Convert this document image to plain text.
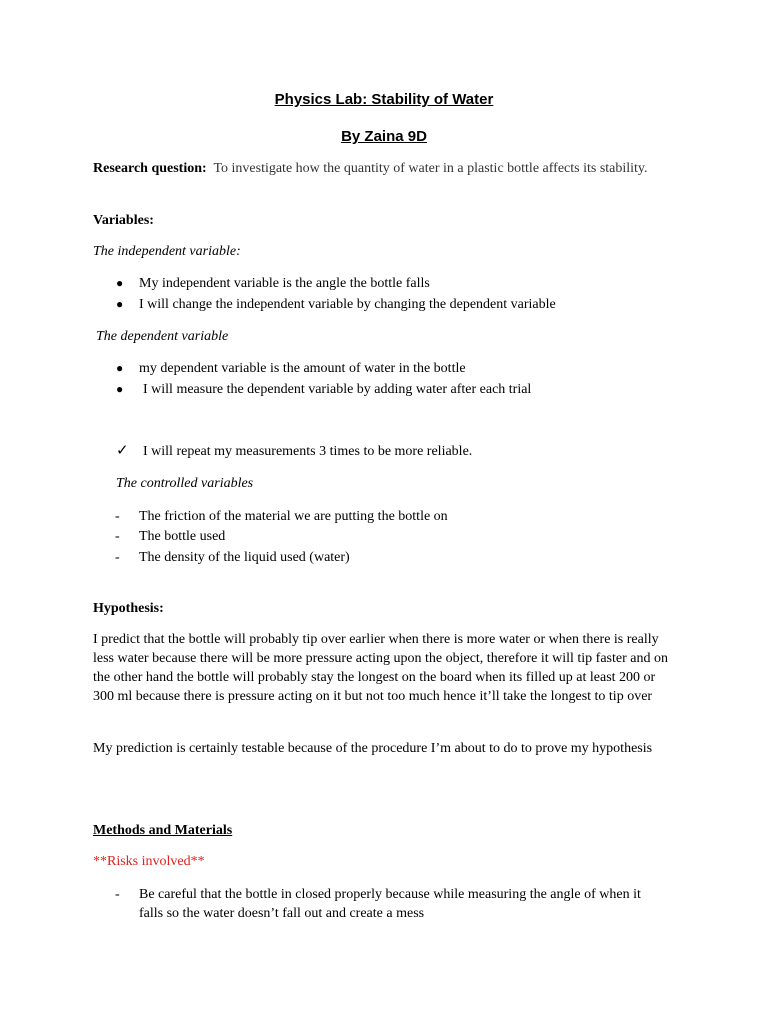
Physics Lab: Stability of Water
By Zaina 9D
Research question: To investigate how the quantity of water in a plastic bottle affects its stability.
Variables:
The independent variable:
● My independent variable is the angle the bottle falls
● I will change the independent variable by changing the dependent variable
The dependent variable
● my dependent variable is the amount of water in the bottle
● I will measure the dependent variable by adding water after each trial
✓ I will repeat my measurements 3 times to be more reliable.
The controlled variables
- The friction of the material we are putting the bottle on
- The bottle used
- The density of the liquid used (water)
Hypothesis:
I predict that the bottle will probably tip over earlier when there is more water or when there is really less water because there will be more pressure acting upon the object, therefore it will tip faster and on the other hand the bottle will probably stay the longest on the board when its filled up at least 200 or 300 ml because there is pressure acting on it but not too much hence it’ll take the longest to tip over
My prediction is certainly testable because of the procedure I’m about to do to prove my hypothesis
Methods and Materials
**Risks involved**
- Be careful that the bottle in closed properly because while measuring the angle of when it falls so the water doesn’t fall out and create a mess
